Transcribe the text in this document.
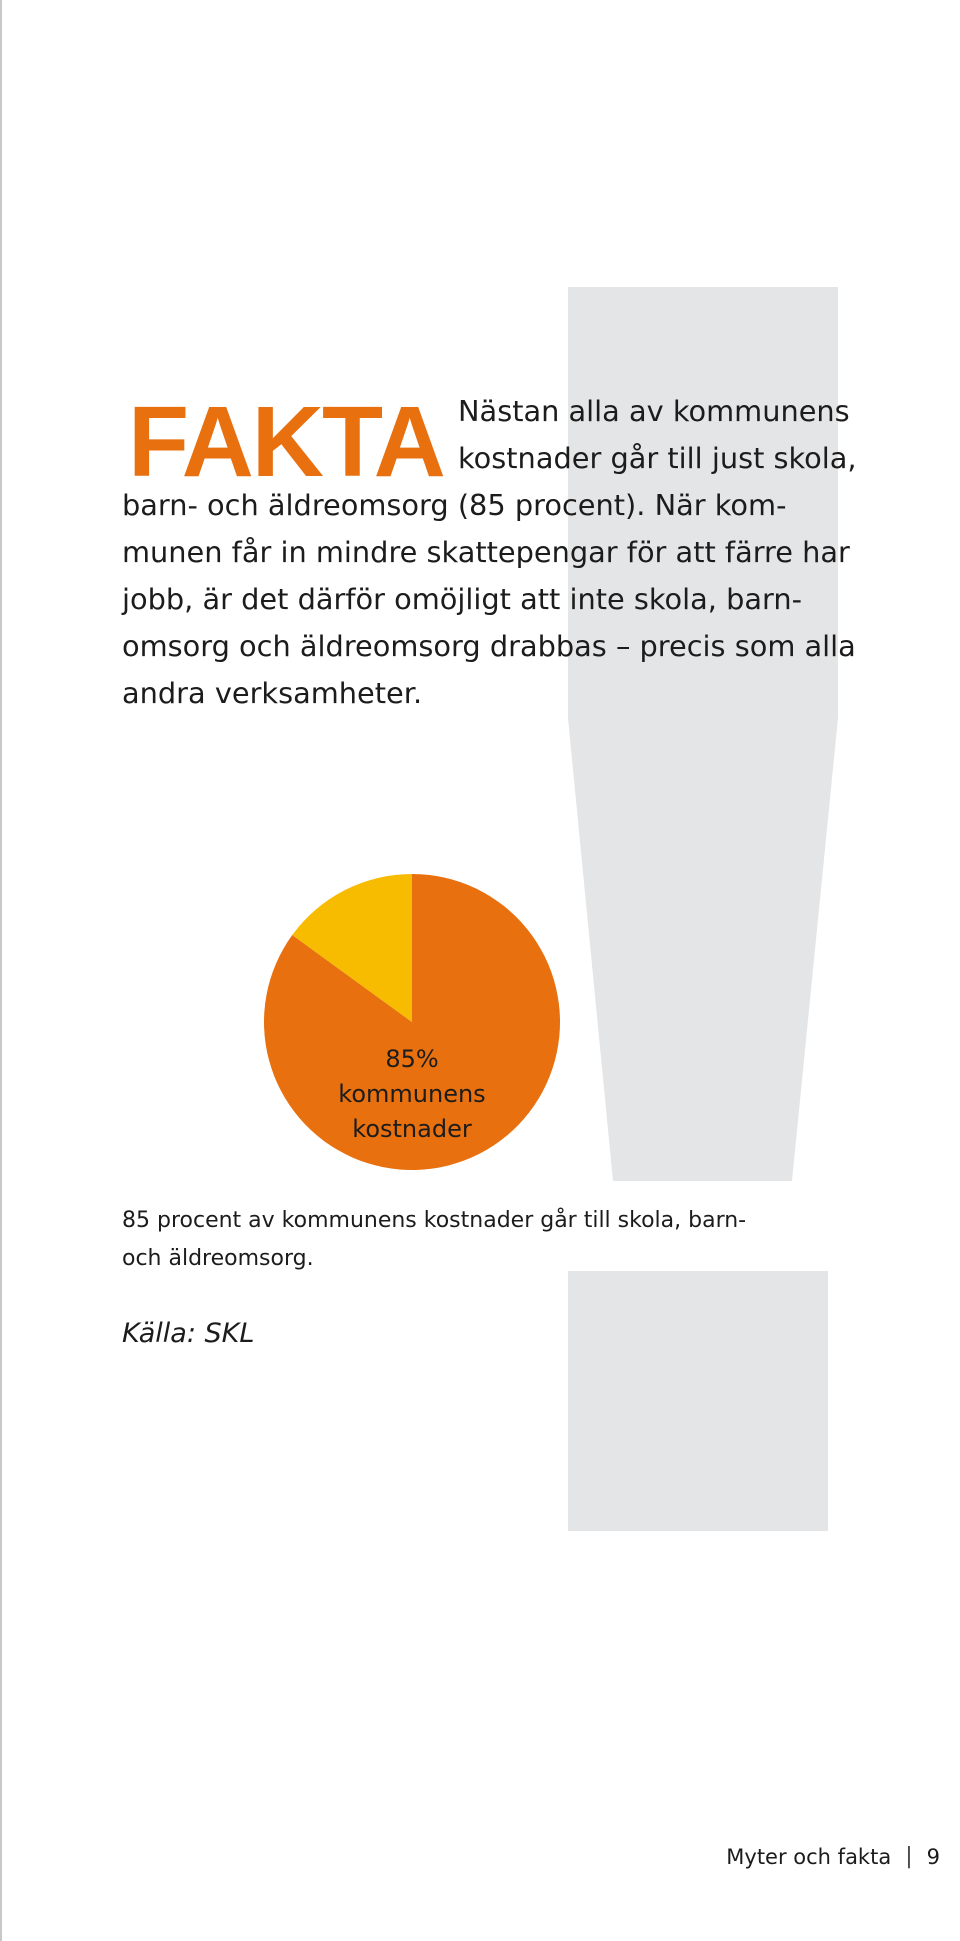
FAKTA Nästan alla av kommunens
kostnader går till just skola,
barn- och äldreomsorg (85 procent). När kom-
munen får in mindre skattepengar för att färre har
jobb, är det därför omöjligt att inte skola, barn-
omsorg och äldreomsorg drabbas – precis som alla
andra verksamheter.
85%
kommunens
kostnader
85 procent av kommunens kostnader går till skola, barn-
och äldreomsorg.
Källa: SKL
Myter och fakta | 9
